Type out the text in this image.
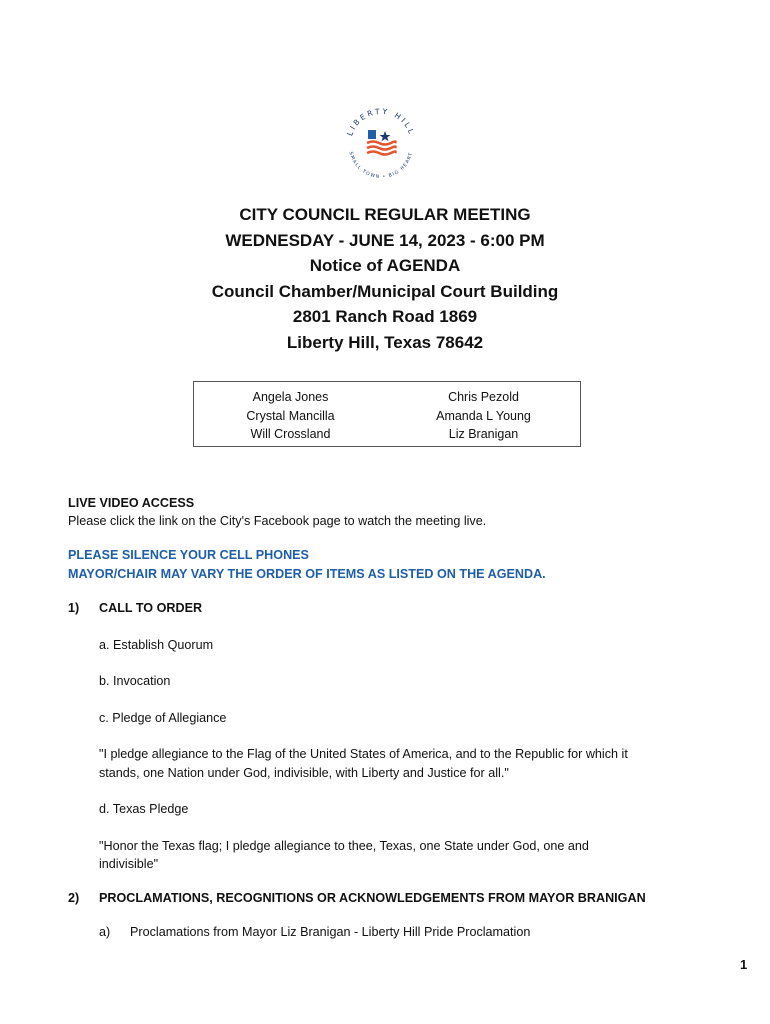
LIBERTY HILL
SMALL TOWN • BIG HEART
CITY COUNCIL REGULAR MEETING
WEDNESDAY - JUNE 14, 2023 - 6:00 PM
Notice of AGENDA
Council Chamber/Municipal Court Building
2801 Ranch Road 1869
Liberty Hill, Texas 78642
Angela Jones
Crystal Mancilla
Will Crossland
Chris Pezold
Amanda L Young
Liz Branigan
LIVE VIDEO ACCESS
Please click the link on the City's Facebook page to watch the meeting live.
PLEASE SILENCE YOUR CELL PHONES
MAYOR/CHAIR MAY VARY THE ORDER OF ITEMS AS LISTED ON THE AGENDA.
1) CALL TO ORDER
a. Establish Quorum
b. Invocation
c. Pledge of Allegiance
"I pledge allegiance to the Flag of the United States of America, and to the Republic for which it
stands, one Nation under God, indivisible, with Liberty and Justice for all."
d. Texas Pledge
"Honor the Texas flag; I pledge allegiance to thee, Texas, one State under God, one and
indivisible"
2) PROCLAMATIONS, RECOGNITIONS OR ACKNOWLEDGEMENTS FROM MAYOR BRANIGAN
a) Proclamations from Mayor Liz Branigan - Liberty Hill Pride Proclamation
1
